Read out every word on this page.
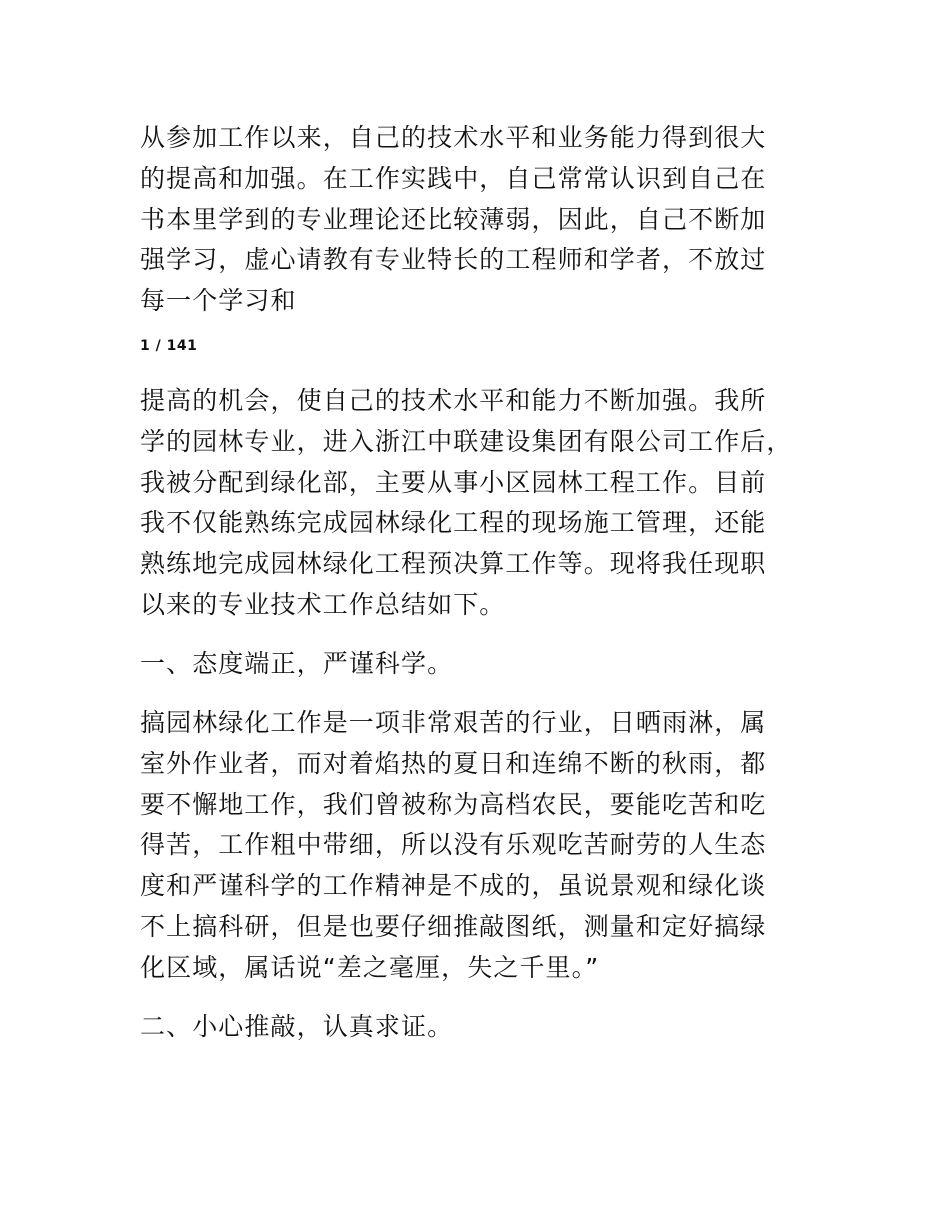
从参加工作以来，自己的技术水平和业务能力得到很大
的提高和加强。在工作实践中，自己常常认识到自己在
书本里学到的专业理论还比较薄弱，因此，自己不断加
强学习，虚心请教有专业特长的工程师和学者，不放过
每一个学习和
1 / 141
提高的机会，使自己的技术水平和能力不断加强。我所
学的园林专业，进入浙江中联建设集团有限公司工作后，
我被分配到绿化部，主要从事小区园林工程工作。目前
我不仅能熟练完成园林绿化工程的现场施工管理，还能
熟练地完成园林绿化工程预决算工作等。现将我任现职
以来的专业技术工作总结如下。
一、态度端正，严谨科学。
搞园林绿化工作是一项非常艰苦的行业，日晒雨淋，属
室外作业者，而对着焰热的夏日和连绵不断的秋雨，都
要不懈地工作，我们曾被称为高档农民，要能吃苦和吃
得苦，工作粗中带细，所以没有乐观吃苦耐劳的人生态
度和严谨科学的工作精神是不成的，虽说景观和绿化谈
不上搞科研，但是也要仔细推敲图纸，测量和定好搞绿
化区域，属话说“差之毫厘，失之千里。”
二、小心推敲，认真求证。
